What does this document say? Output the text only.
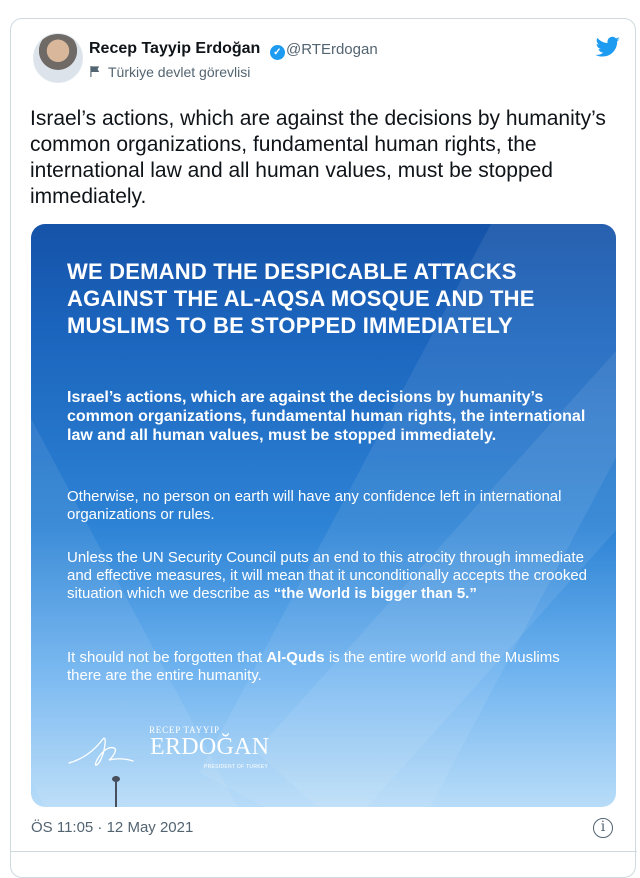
Recep Tayyip Erdoğan ✓ @RTErdogan
Türkiye devlet görevlisi
Israel’s actions, which are against the decisions by humanity’s common organizations, fundamental human rights, the international law and all human values, must be stopped immediately.
WE DEMAND THE DESPICABLE ATTACKS AGAINST THE AL-AQSA MOSQUE AND THE MUSLIMS TO BE STOPPED IMMEDIATELY
Israel’s actions, which are against the decisions by humanity’s common organizations, fundamental human rights, the international law and all human values, must be stopped immediately.
Otherwise, no person on earth will have any confidence left in international organizations or rules.
Unless the UN Security Council puts an end to this atrocity through immediate and effective measures, it will mean that it unconditionally accepts the crooked situation which we describe as “the World is bigger than 5.”
It should not be forgotten that Al-Quds is the entire world and the Muslims there are the entire humanity.
RECEP TAYYIP
ERDOĞAN
PRESIDENT OF TURKEY
ÖS 11:05 · 12 May 2021	i
